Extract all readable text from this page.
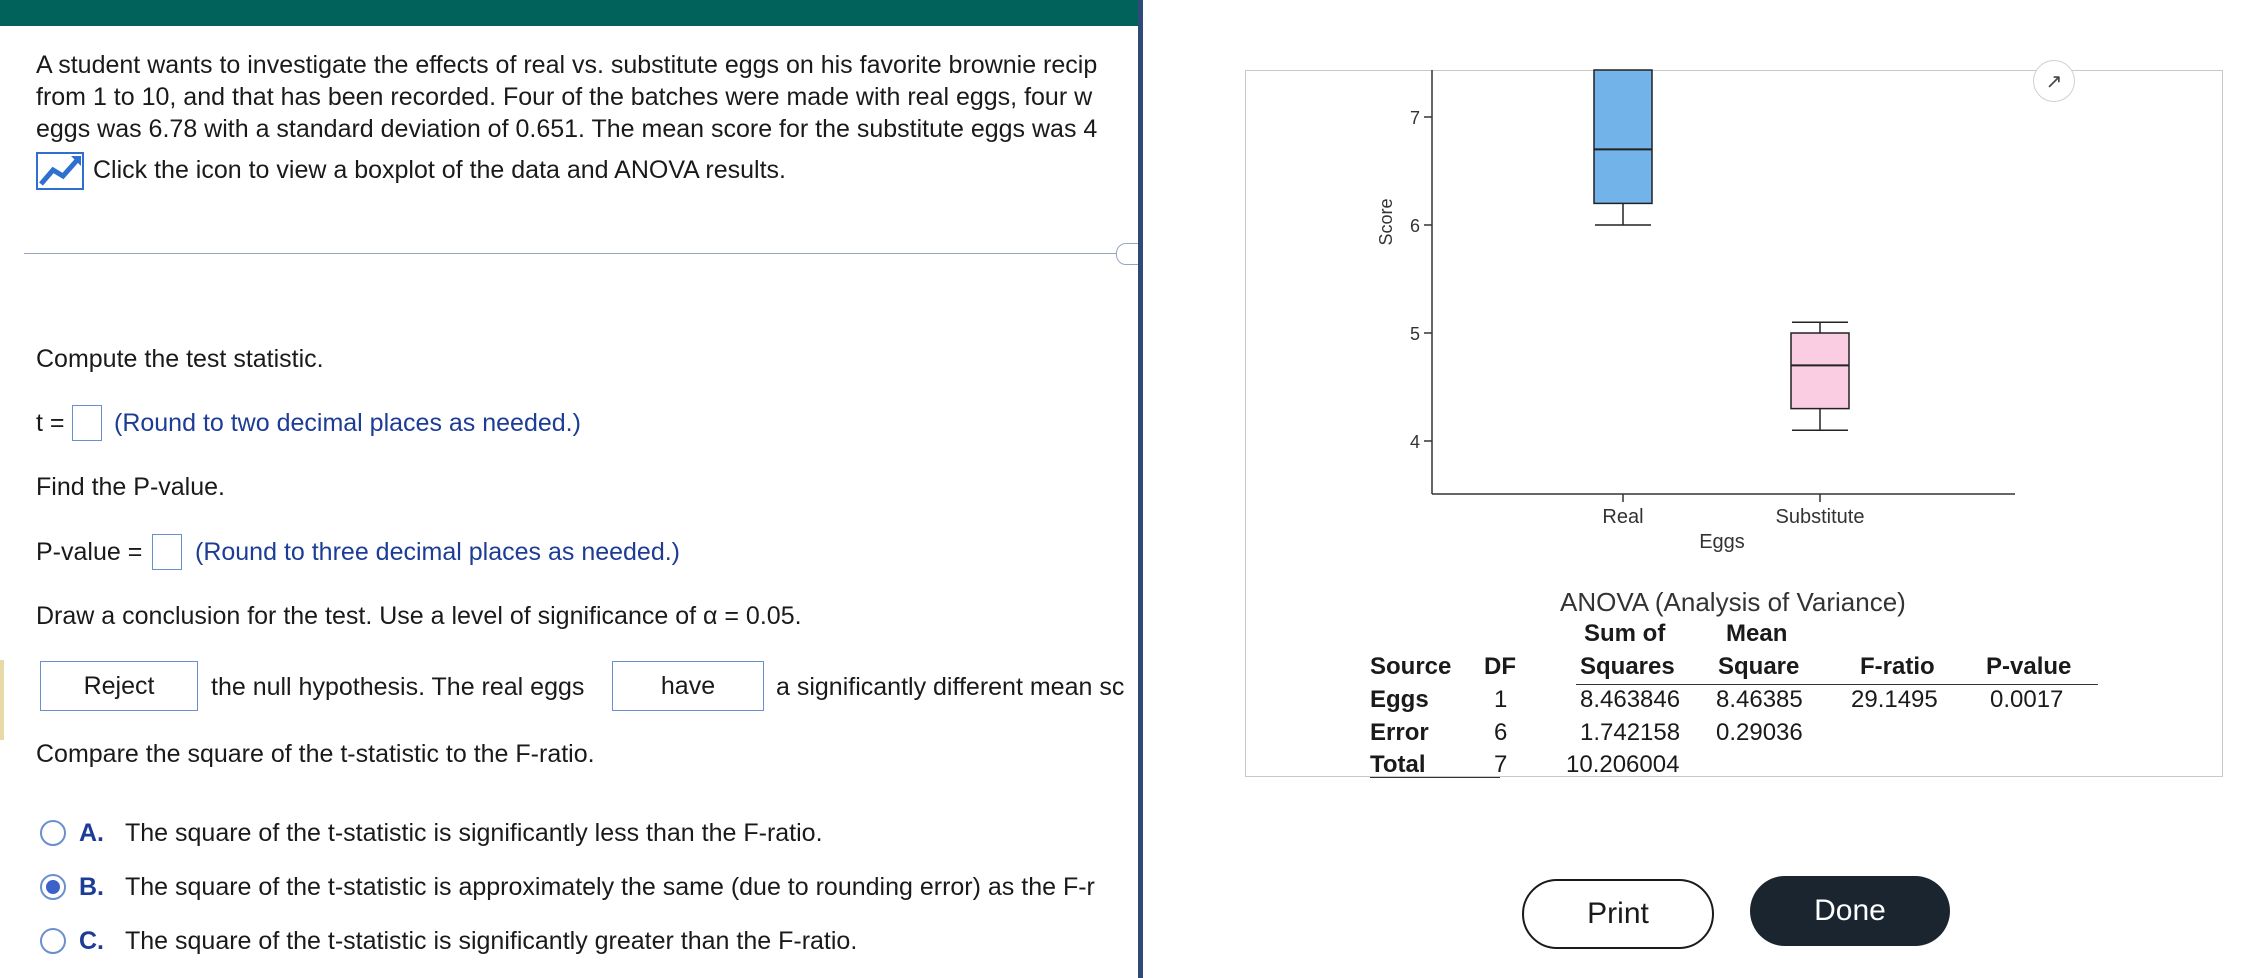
A student wants to investigate the effects of real vs. substitute eggs on his favorite brownie recip
from 1 to 10, and that has been recorded. Four of the batches were made with real eggs, four w
eggs was 6.78 with a standard deviation of 0.651. The mean score for the substitute eggs was 4
Click the icon to view a boxplot of the data and ANOVA results.
Compute the test statistic.
t = (Round to two decimal places as needed.)
Find the P-value.
P-value = (Round to three decimal places as needed.)
Draw a conclusion for the test. Use a level of significance of α = 0.05.
Reject	the null hypothesis. The real eggs	have	a significantly different mean sc
Compare the square of the t-statistic to the F-ratio.
A. The square of the t-statistic is significantly less than the F-ratio.
B. The square of the t-statistic is approximately the same (due to rounding error) as the F-r
C. The square of the t-statistic is significantly greater than the F-ratio.
↗
4
5
6
7
Real	Substitute
Score
Eggs
ANOVA (Analysis of Variance)
Sum of	Mean
Source DF	Squares Square	F-ratio P-value
Eggs	1	8.463846 8.46385 29.1495 0.0017
Error	6	1.742158 0.29036
Total	7 10.206004
Print	Done
